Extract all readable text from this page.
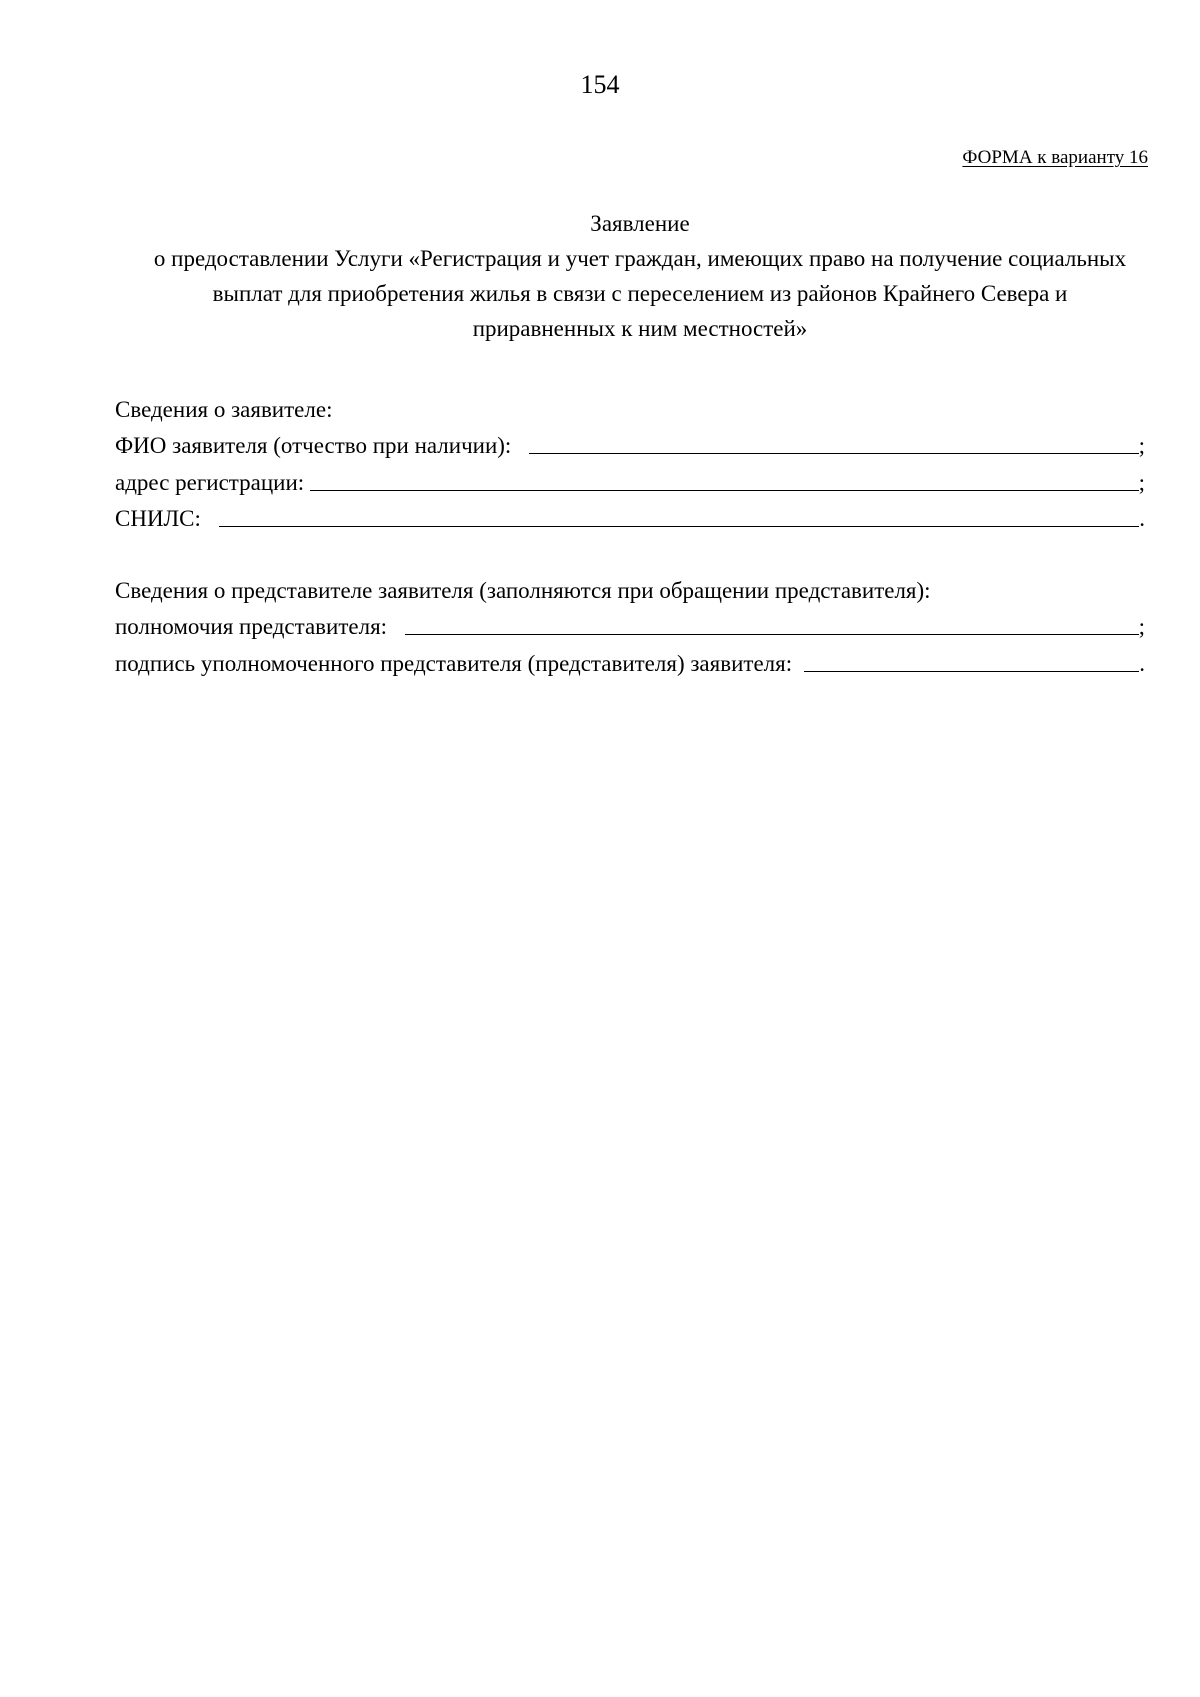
154
ФОРМА к варианту 16
Заявление
о предоставлении Услуги «Регистрация и учет граждан, имеющих право на получение социальных
выплат для приобретения жилья в связи с переселением из районов Крайнего Севера и
приравненных к ним местностей»
Сведения о заявителе:
ФИО заявителя (отчество при наличии):	;
адрес регистрации:	;
СНИЛС:	.
Сведения о представителе заявителя (заполняются при обращении представителя):
полномочия представителя:	;
подпись уполномоченного представителя (представителя) заявителя:	.
